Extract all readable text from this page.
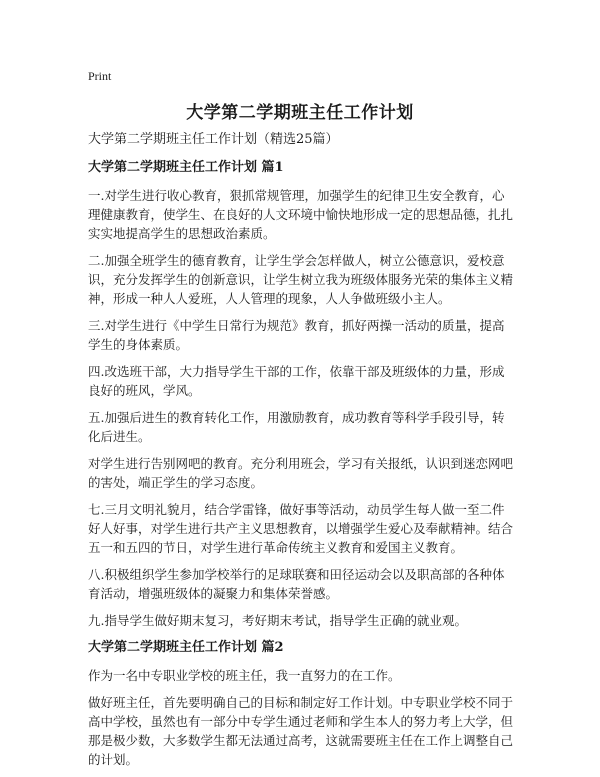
Print
大学第二学期班主任工作计划
大学第二学期班主任工作计划（精选25篇）
大学第二学期班主任工作计划 篇1

一.对学生进行收心教育，狠抓常规管理，加强学生的纪律卫生安全教育，心理健康教育，使学生、在良好的人文环境中愉快地形成一定的思想品德，扎扎实实地提高学生的思想政治素质。

二.加强全班学生的德育教育，让学生学会怎样做人，树立公德意识，爱校意识，充分发挥学生的创新意识，让学生树立我为班级体服务光荣的集体主义精神，形成一种人人爱班，人人管理的现象，人人争做班级小主人。

三.对学生进行《中学生日常行为规范》教育，抓好两操一活动的质量，提高学生的身体素质。

四.改选班干部，大力指导学生干部的工作，依靠干部及班级体的力量，形成良好的班风，学风。

五.加强后进生的教育转化工作，用激励教育，成功教育等科学手段引导，转化后进生。

对学生进行告别网吧的教育。充分利用班会，学习有关报纸，认识到迷恋网吧的害处，端正学生的学习态度。

七.三月文明礼貌月，结合学雷锋，做好事等活动，动员学生每人做一至二件好人好事，对学生进行共产主义思想教育，以增强学生爱心及奉献精神。结合五一和五四的节日，对学生进行革命传统主义教育和爱国主义教育。

八.积极组织学生参加学校举行的足球联赛和田径运动会以及职高部的各种体育活动，增强班级体的凝聚力和集体荣誉感。

九.指导学生做好期末复习，考好期末考试，指导学生正确的就业观。

大学第二学期班主任工作计划 篇2

作为一名中专职业学校的班主任，我一直努力的在工作。

做好班主任，首先要明确自己的目标和制定好工作计划。中专职业学校不同于高中学校，虽然也有一部分中专学生通过老师和学生本人的努力考上大学，但那是极少数，大多数学生都无法通过高考，这就需要班主任在工作上调整自己的计划。
